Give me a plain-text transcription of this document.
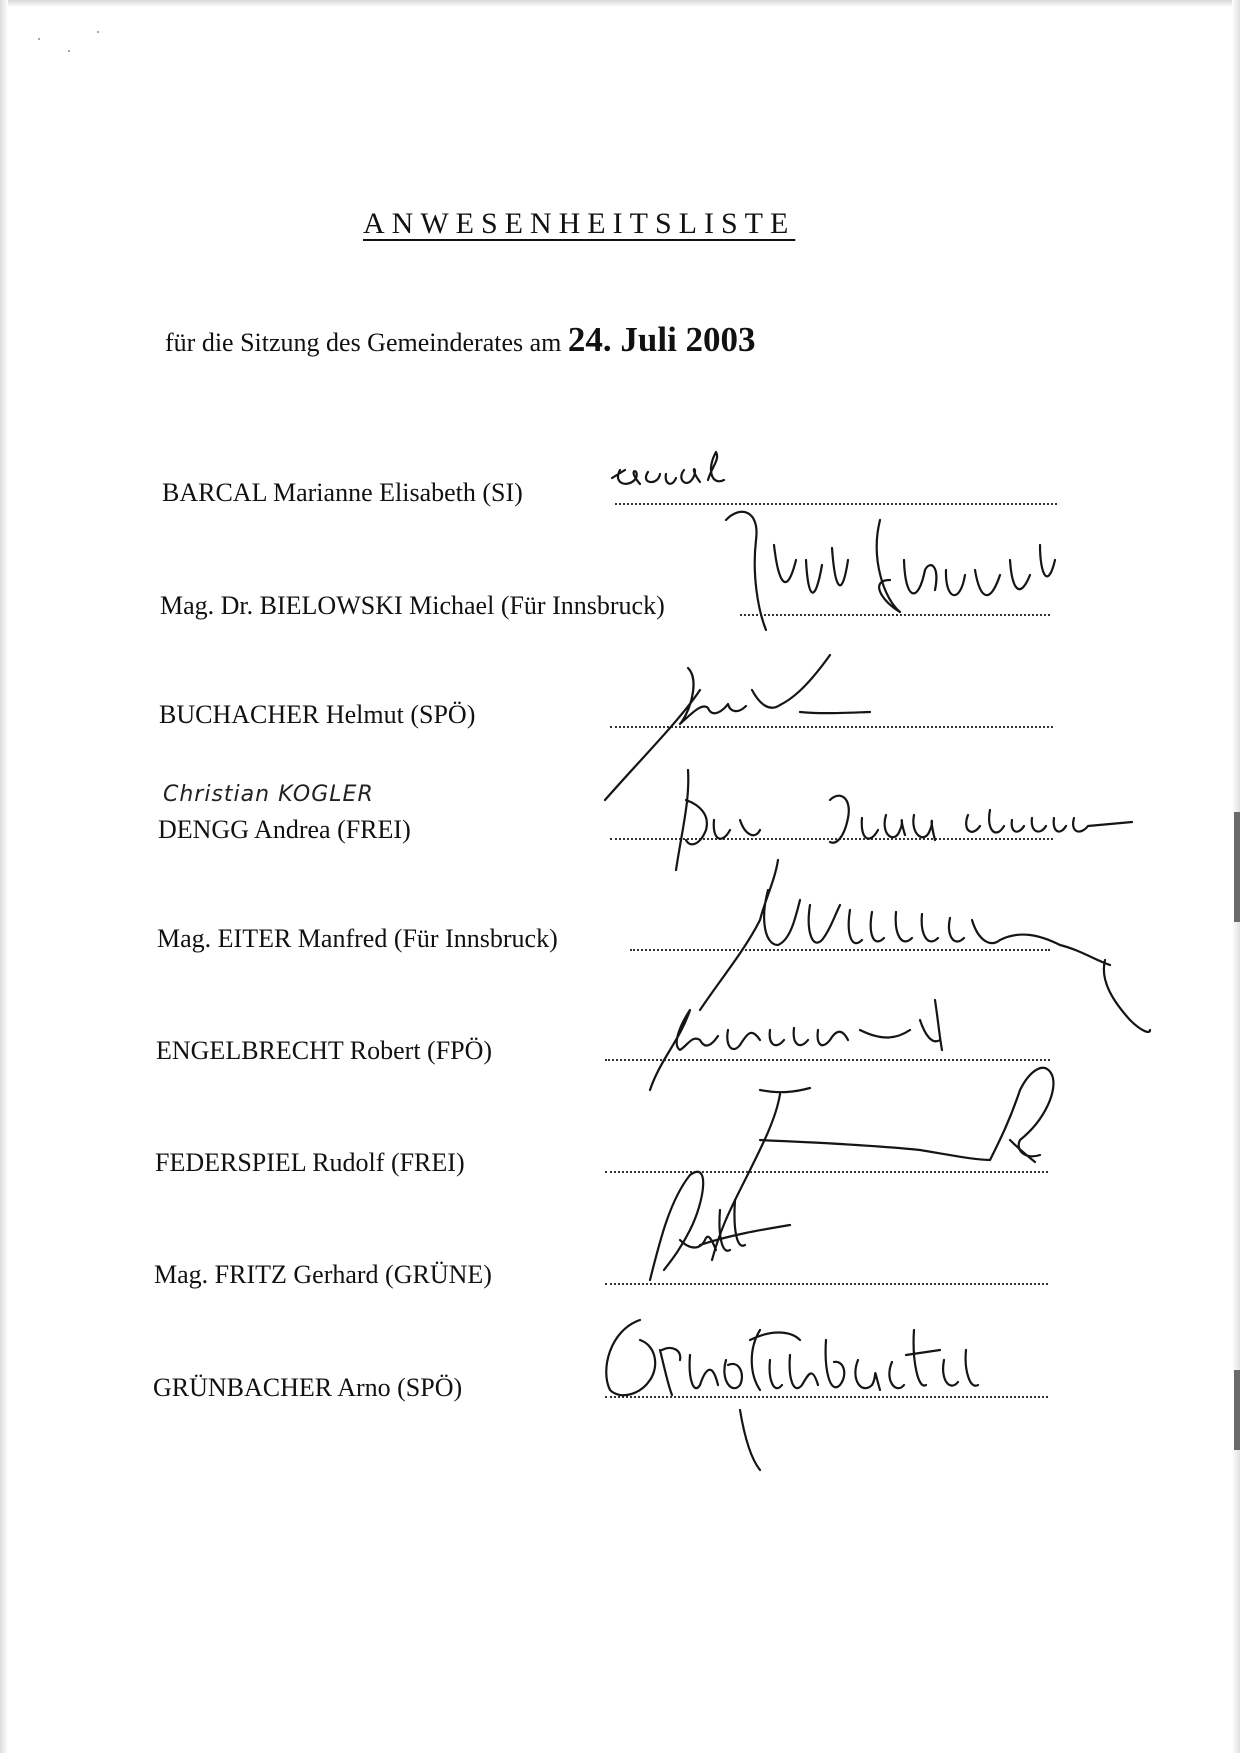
ANWESENHEITSLISTE
für die Sitzung des Gemeinderates am 24. Juli 2003
BARCAL Marianne Elisabeth (SI)
Mag. Dr. BIELOWSKI Michael (Für Innsbruck)
BUCHACHER Helmut (SPÖ)
Christian KOGLER
DENGG Andrea (FREI)
Mag. EITER Manfred (Für Innsbruck)
ENGELBRECHT Robert (FPÖ)
FEDERSPIEL Rudolf (FREI)
Mag. FRITZ Gerhard (GRÜNE)
GRÜNBACHER Arno (SPÖ)
